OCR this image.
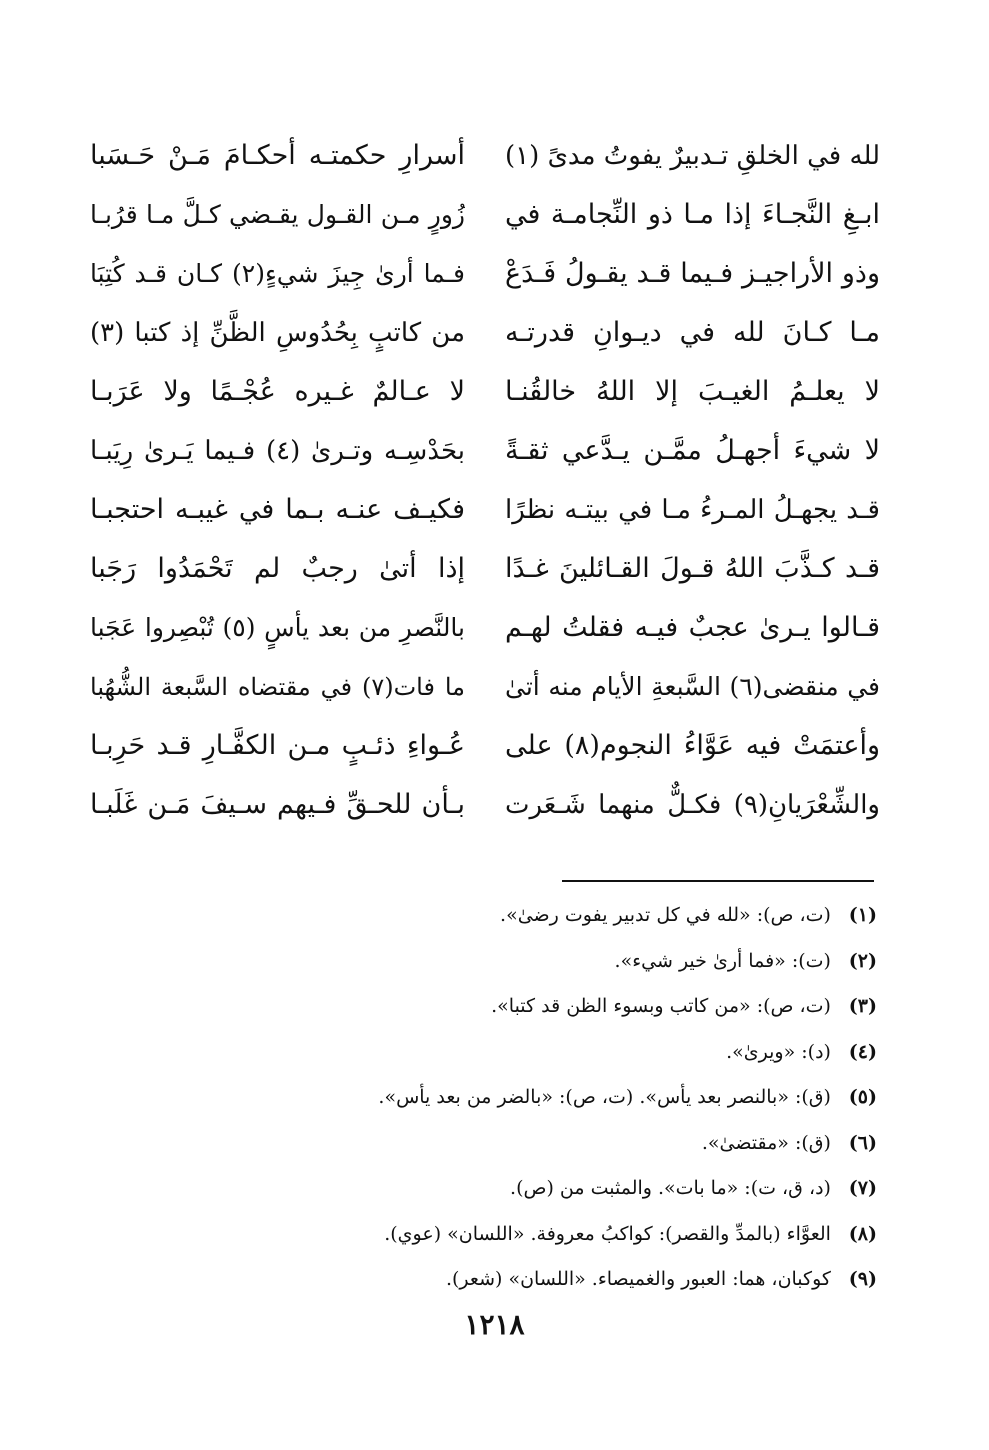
لله في الخلقِ تـدبيرٌ يفوتُ مدىً (١)
أسرارِ حكمتـه أحكـامَ مَـنْ حَـسَبا
ابـغِ النَّجـاءَ إذا مـا ذو النِّجامـة في
زُورٍ مـن القـول يقـضي كـلَّ مـا قرُبـا
وذو الأراجيـز فـيما قـد يقـولُ فَـدَعْ
فـما أرىٰ جِيزَ شيءٍ(٢) كـان قـد كُتِبَا
مـا كـانَ لله في ديـوانِ قدرتـه
من كاتبٍ بِحُدُوسِ الظَّنِّ إذ كتبا (٣)
لا يعلـمُ الغيـبَ إلا اللهُ خالقُنـا
لا عـالمٌ غـيره عُجْـمًا ولا عَرَبـا
لا شيءَ أجهـلُ ممَّـن يـدَّعي ثقـةً
بحَدْسِـه وتـرىٰ (٤) فـيما يَـرىٰ رِيَبـا
قـد يجهـلُ المـرءُ مـا في بيتـه نظرًا
فكيـف عنـه بـما في غيبـه احتجبـا
قـد كـذَّبَ اللهُ قـولَ القـائلينَ غـدًا
إذا أتىٰ رجبٌ لم تَحْمَدُوا رَجَبا
قـالوا يـرىٰ عجبٌ فيـه فقلتُ لهـم
بالنَّصرِ من بعد يأسٍ (٥) تُبْصِروا عَجَبا
في منقضى(٦) السَّبعةِ الأيام منه أتىٰ
ما فات(٧) في مقتضاه السَّبعة الشُّهُبا
وأعتمَتْ فيه عَوَّاءُ النجوم(٨) على
عُـواءِ ذئـبٍ مـن الكفَّـارِ قـد حَرِبـا
والشِّعْرَيانِ(٩) فكـلٌّ منهما شَـعَرت
بـأن للحـقِّ فـيهم سـيفَ مَـن غَلَبـا
(١) (ت، ص): «لله في كل تدبير يفوت رضىٰ».
(٢) (ت): «فما أرىٰ خير شيء».
(٣) (ت، ص): «من كاتب وبسوء الظن قد كتبا».
(٤) (د): «ويرىٰ».
(٥) (ق): «بالنصر بعد يأس». (ت، ص): «بالضر من بعد يأس».
(٦) (ق): «مقتضىٰ».
(٧) (د، ق، ت): «ما بات». والمثبت من (ص).
(٨) العوَّاء (بالمدِّ والقصر): كواكبُ معروفة. «اللسان» (عوي).
(٩) كوكبان، هما: العبور والغميصاء. «اللسان» (شعر).
١٢١٨
